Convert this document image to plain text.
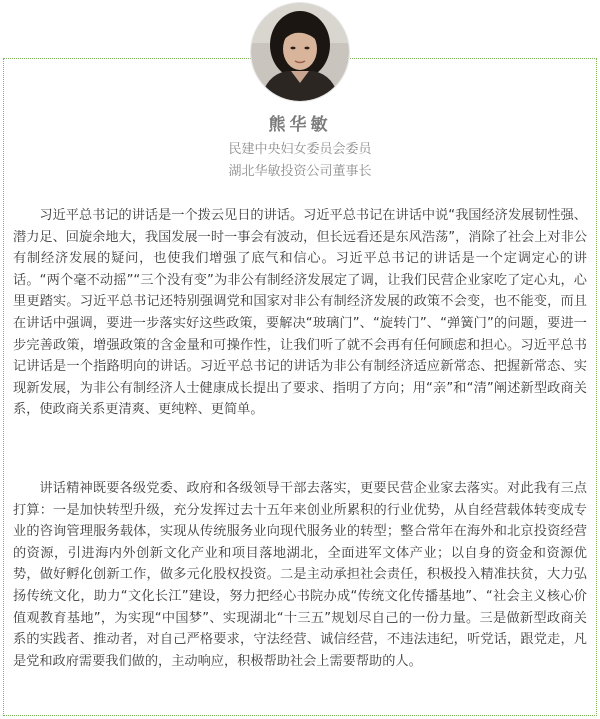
熊华敏
民建中央妇女委员会委员
湖北华敏投资公司董事长

习近平总书记的讲话是一个拨云见日的讲话。习近平总书记在讲话中说“我国经济发展韧性强、潜力足、回旋余地大，我国发展一时一事会有波动，但长远看还是东风浩荡”，消除了社会上对非公有制经济发展的疑问，也使我们增强了底气和信心。习近平总书记的讲话是一个定调定心的讲话。“两个毫不动摇”“三个没有变”为非公有制经济发展定了调，让我们民营企业家吃了定心丸，心里更踏实。习近平总书记还特别强调党和国家对非公有制经济发展的政策不会变，也不能变，而且在讲话中强调，要进一步落实好这些政策，要解决“玻璃门”、“旋转门”、“弹簧门”的问题，要进一步完善政策，增强政策的含金量和可操作性，让我们听了就不会再有任何顾虑和担心。习近平总书记讲话是一个指路明向的讲话。习近平总书记的讲话为非公有制经济适应新常态、把握新常态、实现新发展，为非公有制经济人士健康成长提出了要求、指明了方向；用“亲”和“清”阐述新型政商关系，使政商关系更清爽、更纯粹、更简单。

讲话精神既要各级党委、政府和各级领导干部去落实，更要民营企业家去落实。对此我有三点打算：一是加快转型升级，充分发挥过去十五年来创业所累积的行业优势，从自经营载体转变成专业的咨询管理服务载体，实现从传统服务业向现代服务业的转型；整合常年在海外和北京投资经营的资源，引进海内外创新文化产业和项目落地湖北，全面进军文体产业；以自身的资金和资源优势，做好孵化创新工作，做多元化股权投资。二是主动承担社会责任，积极投入精准扶贫，大力弘扬传统文化，助力“文化长江”建设，努力把经心书院办成“传统文化传播基地”、“社会主义核心价值观教育基地”，为实现“中国梦”、实现湖北“十三五”规划尽自己的一份力量。三是做新型政商关系的实践者、推动者，对自己严格要求，守法经营、诚信经营，不违法违纪，听党话，跟党走，凡是党和政府需要我们做的，主动响应，积极帮助社会上需要帮助的人。
